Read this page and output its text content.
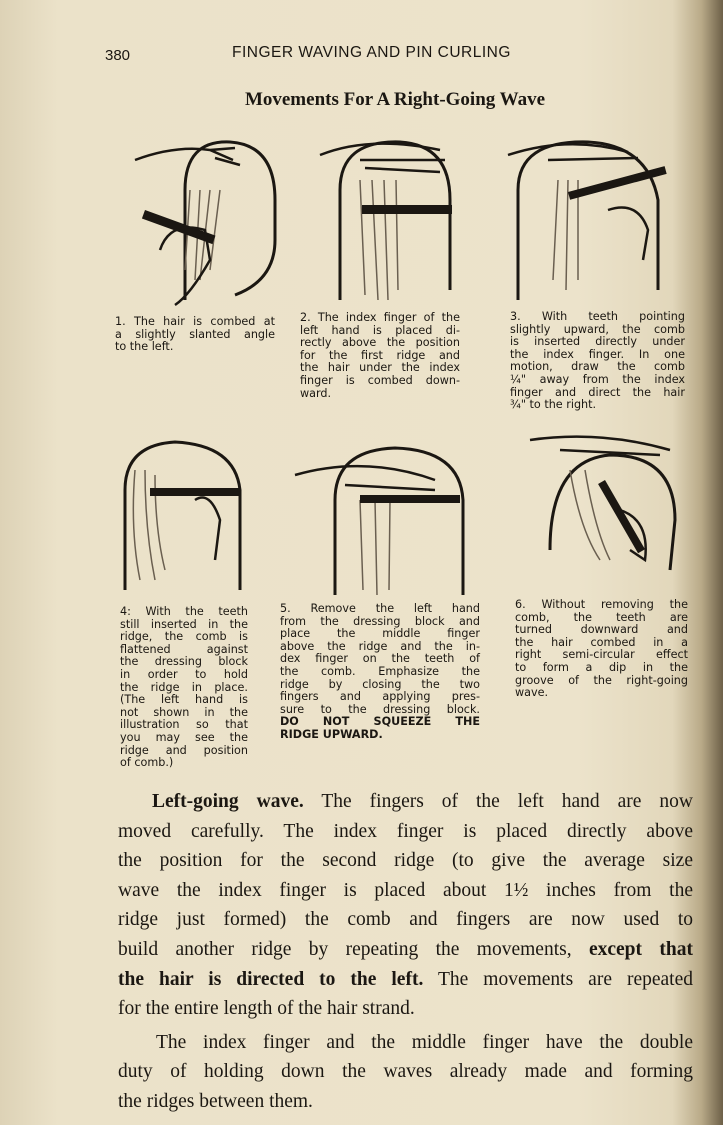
380	FINGER WAVING AND PIN CURLING
Movements For A Right-Going Wave
1. The hair is combed at
a slightly slanted angle
to the left.
2. The index finger of the
left hand is placed di-
rectly above the position
for the first ridge and
the hair under the index
finger is combed down-
ward.
3. With teeth pointing
slightly upward, the comb
is inserted directly under
the index finger. In one
motion, draw the comb
¼" away from the index
finger and direct the hair
¾" to the right.
4: With the teeth
still inserted in the
ridge, the comb is
flattened against
the dressing block
in order to hold
the ridge in place.
(The left hand is
not shown in the
illustration so that
you may see the
ridge and position
of comb.)
5. Remove the left hand
from the dressing block and
place the middle finger
above the ridge and the in-
dex finger on the teeth of
the comb. Emphasize the
ridge by closing the two
fingers and applying pres-
sure to the dressing block.
DO NOT SQUEEZE THE
RIDGE UPWARD.
6. Without removing the
comb, the teeth are
turned downward and
the hair combed in a
right semi-circular effect
to form a dip in the
groove of the right-going
wave.
Left-going wave. The fingers of the left hand are now
moved carefully. The index finger is placed directly above
the position for the second ridge (to give the average size
wave the index finger is placed about 1½ inches from the
ridge just formed) the comb and fingers are now used to
build another ridge by repeating the movements, except that
the hair is directed to the left. The movements are repeated
for the entire length of the hair strand.
The index finger and the middle finger have the double
duty of holding down the waves already made and forming
the ridges between them.
